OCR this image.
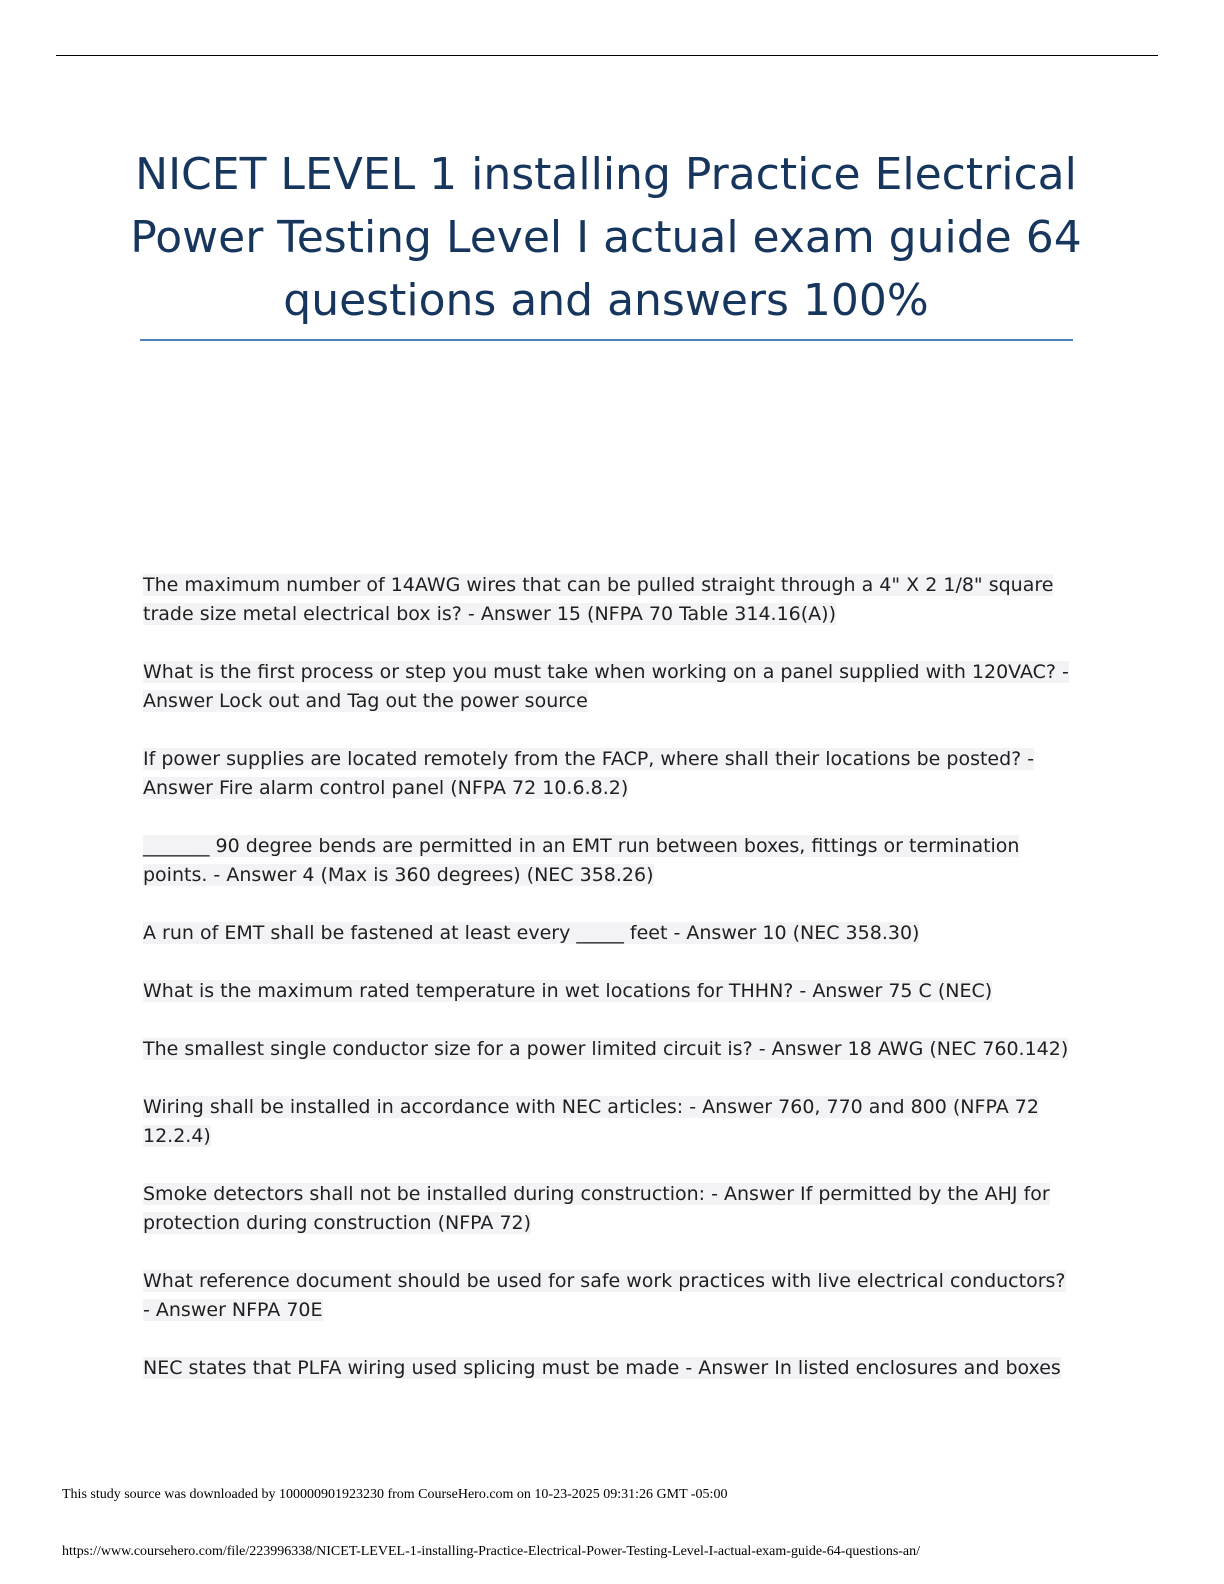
NICET LEVEL 1 installing Practice Electrical Power Testing Level I actual exam guide 64 questions and answers 100%
The maximum number of 14AWG wires that can be pulled straight through a 4" X 2 1/8" square trade size metal electrical box is? - Answer 15 (NFPA 70 Table 314.16(A))
What is the first process or step you must take when working on a panel supplied with 120VAC? - Answer Lock out and Tag out the power source
If power supplies are located remotely from the FACP, where shall their locations be posted? - Answer Fire alarm control panel (NFPA 72 10.6.8.2)
_______ 90 degree bends are permitted in an EMT run between boxes, fittings or termination points. - Answer 4 (Max is 360 degrees) (NEC 358.26)
A run of EMT shall be fastened at least every _____ feet - Answer 10 (NEC 358.30)
What is the maximum rated temperature in wet locations for THHN? - Answer 75 C (NEC)
The smallest single conductor size for a power limited circuit is? - Answer 18 AWG (NEC 760.142)
Wiring shall be installed in accordance with NEC articles: - Answer 760, 770 and 800 (NFPA 72 12.2.4)
Smoke detectors shall not be installed during construction: - Answer If permitted by the AHJ for protection during construction (NFPA 72)
What reference document should be used for safe work practices with live electrical conductors? - Answer NFPA 70E
NEC states that PLFA wiring used splicing must be made - Answer In listed enclosures and boxes
This study source was downloaded by 100000901923230 from CourseHero.com on 10-23-2025 09:31:26 GMT -05:00
https://www.coursehero.com/file/223996338/NICET-LEVEL-1-installing-Practice-Electrical-Power-Testing-Level-I-actual-exam-guide-64-questions-an/
